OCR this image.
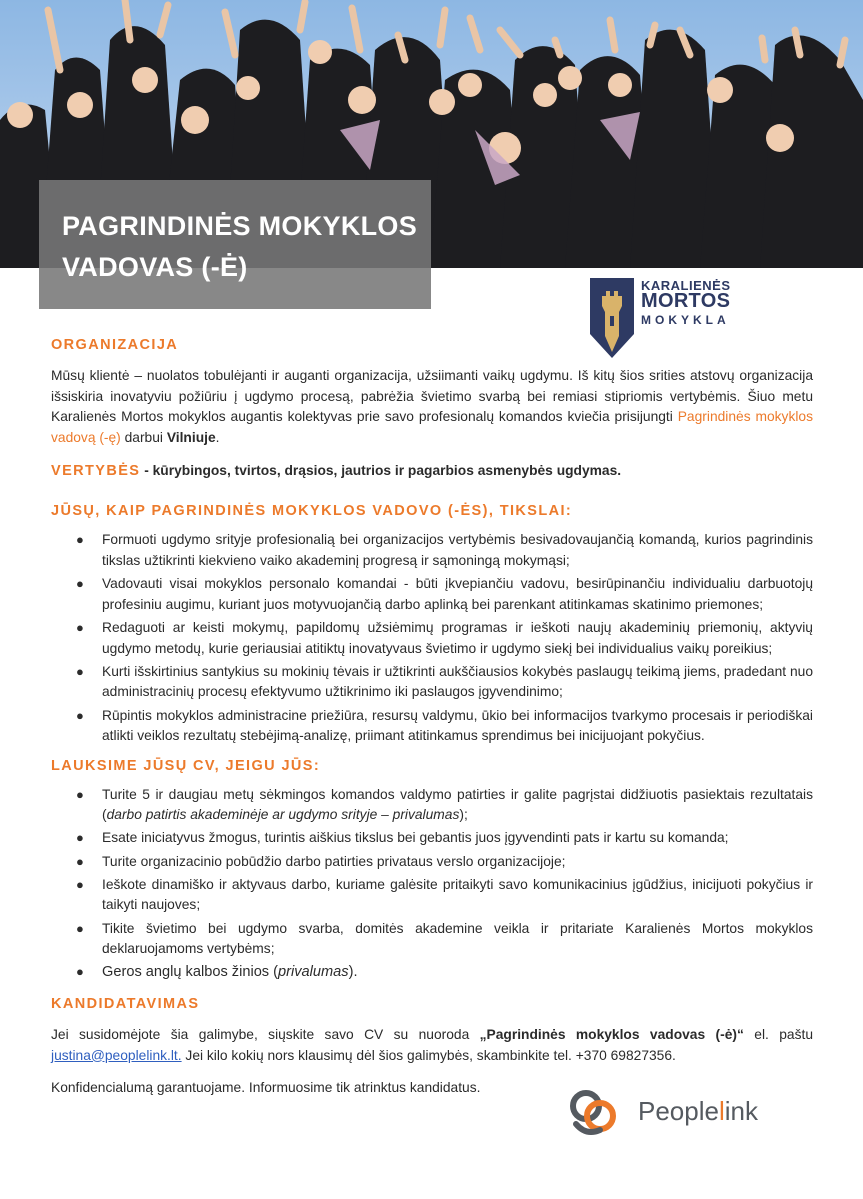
PAGRINDINĖS MOKYKLOS
VADOVAS (-Ė)
KARALIENĖS
MORTOS
MOKYKLA
ORGANIZACIJA

Mūsų klientė – nuolatos tobulėjanti ir auganti organizacija, užsiimanti vaikų ugdymu. Iš kitų šios srities atstovų organizacija išsiskiria inovatyviu požiūriu į ugdymo procesą, pabrėžia švietimo svarbą bei remiasi stipriomis vertybėmis. Šiuo metu Karalienės Mortos mokyklos augantis kolektyvas prie savo profesionalų komandos kviečia prisijungti Pagrindinės mokyklos vadovą (-ę) darbui Vilniuje.

VERTYBĖS - kūrybingos, tvirtos, drąsios, jautrios ir pagarbios asmenybės ugdymas.
JŪSŲ, KAIP PAGRINDINĖS MOKYKLOS VADOVO (-ĖS), TIKSLAI:
● Formuoti ugdymo srityje profesionalią bei organizacijos vertybėmis besivadovaujančią komandą, kurios pagrindinis tikslas užtikrinti kiekvieno vaiko akademinį progresą ir sąmoningą mokymąsi;
● Vadovauti visai mokyklos personalo komandai - būti įkvepiančiu vadovu, besirūpinančiu individualiu darbuotojų profesiniu augimu, kuriant juos motyvuojančią darbo aplinką bei parenkant atitinkamas skatinimo priemones;
● Redaguoti ar keisti mokymų, papildomų užsiėmimų programas ir ieškoti naujų akademinių priemonių, aktyvių ugdymo metodų, kurie geriausiai atitiktų inovatyvaus švietimo ir ugdymo siekį bei individualius vaikų poreikius;
● Kurti išskirtinius santykius su mokinių tėvais ir užtikrinti aukščiausios kokybės paslaugų teikimą jiems, pradedant nuo administracinių procesų efektyvumo užtikrinimo iki paslaugos įgyvendinimo;
● Rūpintis mokyklos administracine priežiūra, resursų valdymu, ūkio bei informacijos tvarkymo procesais ir periodiškai atlikti veiklos rezultatų stebėjimą-analizę, priimant atitinkamus sprendimus bei inicijuojant pokyčius.
LAUKSIME JŪSŲ CV, JEIGU JŪS:
● Turite 5 ir daugiau metų sėkmingos komandos valdymo patirties ir galite pagrįstai didžiuotis pasiektais rezultatais (darbo patirtis akademinėje ar ugdymo srityje – privalumas);
● Esate iniciatyvus žmogus, turintis aiškius tikslus bei gebantis juos įgyvendinti pats ir kartu su komanda;
● Turite organizacinio pobūdžio darbo patirties privataus verslo organizacijoje;
● Ieškote dinamiško ir aktyvaus darbo, kuriame galėsite pritaikyti savo komunikacinius įgūdžius, inicijuoti pokyčius ir taikyti naujoves;
● Tikite švietimo bei ugdymo svarba, domitės akademine veikla ir pritariate Karalienės Mortos mokyklos deklaruojamoms vertybėms;
● Geros anglų kalbos žinios (privalumas).
KANDIDATAVIMAS

Jei susidomėjote šia galimybe, siųskite savo CV su nuoroda „Pagrindinės mokyklos vadovas (-ė)“ el. paštu justina@peoplelink.lt. Jei kilo kokių nors klausimų dėl šios galimybės, skambinkite tel. +370 69827356.

Konfidencialumą garantuojame. Informuosime tik atrinktus kandidatus.

Peoplelink
